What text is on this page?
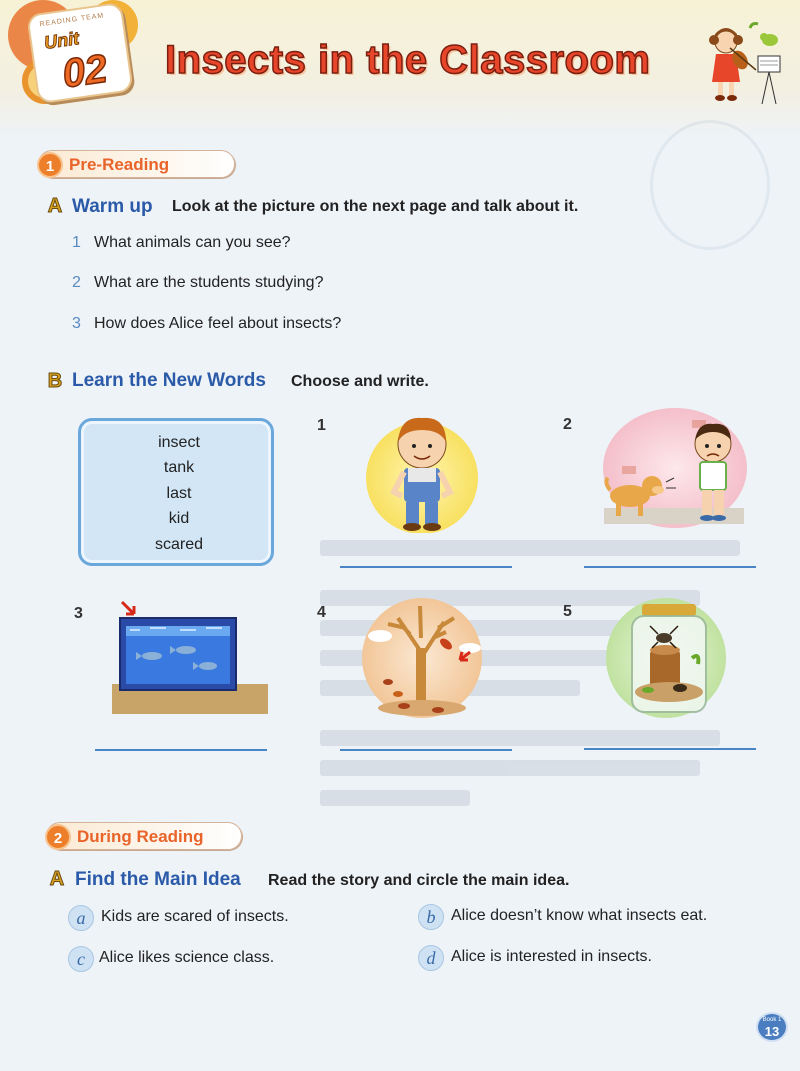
READING TEAM
Unit
02 Insects in the Classroom
1 Pre-Reading
A Warm up Look at the picture on the next page and talk about it.
1 What animals can you see?
2 What are the students studying?
3 How does Alice feel about insects?
B Learn the New Words Choose and write.
insect
tank
last
kid
scared
1	2
3	4	5
2 During Reading
A Find the Main Idea Read the story and circle the main idea.
a Kids are scared of insects.	b Alice doesn’t know what insects eat.
c Alice likes science class.	d Alice is interested in insects.
Book 1
13
